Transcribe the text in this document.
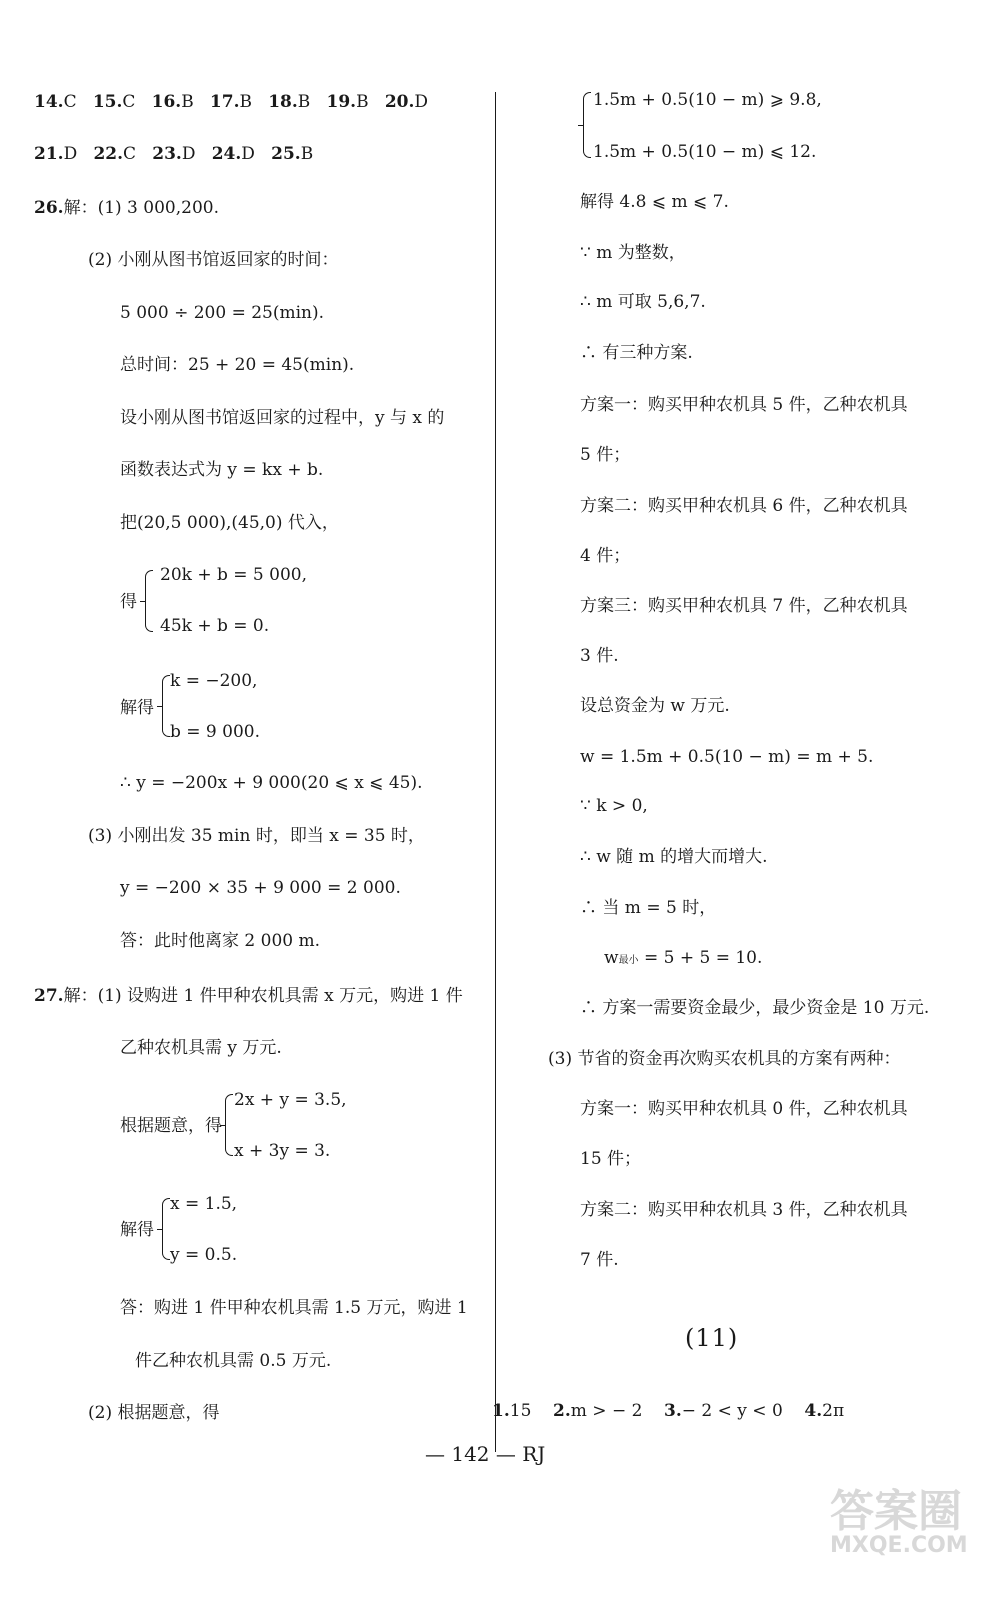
14.C 15.C 16.B 17.B 18.B 19.B 20.D
21.D 22.C 23.D 24.D 25.B
26.解：(1) 3 000,200.
(2) 小刚从图书馆返回家的时间：
5 000 ÷ 200 = 25(min).
总时间：25 + 20 = 45(min).
设小刚从图书馆返回家的过程中，y 与 x 的
函数表达式为 y = kx + b.
把(20,5 000),(45,0) 代入，
得
20k + b = 5 000,
45k + b = 0.
解得
k = −200,
b = 9 000.
∴ y = −200x + 9 000(20 ⩽ x ⩽ 45).
(3) 小刚出发 35 min 时，即当 x = 35 时，
y = −200 × 35 + 9 000 = 2 000.
答：此时他离家 2 000 m.
27.解：(1) 设购进 1 件甲种农机具需 x 万元，购进 1 件
乙种农机具需 y 万元.
根据题意，得
2x + y = 3.5,
x + 3y = 3.
解得
x = 1.5,
y = 0.5.
答：购进 1 件甲种农机具需 1.5 万元，购进 1
件乙种农机具需 0.5 万元.
(2) 根据题意，得
1.5m + 0.5(10 − m) ⩾ 9.8,
1.5m + 0.5(10 − m) ⩽ 12.
解得 4.8 ⩽ m ⩽ 7.
∵ m 为整数，
∴ m 可取 5,6,7.
∴ 有三种方案.
方案一：购买甲种农机具 5 件，乙种农机具
5 件；
方案二：购买甲种农机具 6 件，乙种农机具
4 件；
方案三：购买甲种农机具 7 件，乙种农机具
3 件.
设总资金为 w 万元.
w = 1.5m + 0.5(10 − m) = m + 5.
∵ k > 0,
∴ w 随 m 的增大而增大.
∴ 当 m = 5 时，
w最小 = 5 + 5 = 10.
∴ 方案一需要资金最少，最少资金是 10 万元.
(3) 节省的资金再次购买农机具的方案有两种：
方案一：购买甲种农机具 0 件，乙种农机具
15 件；
方案二：购买甲种农机具 3 件，乙种农机具
7 件.
(11)
1.15 2.m > − 2 3.− 2 < y < 0 4.2π
— 142 — RJ
答案圈
MXQE.COM
